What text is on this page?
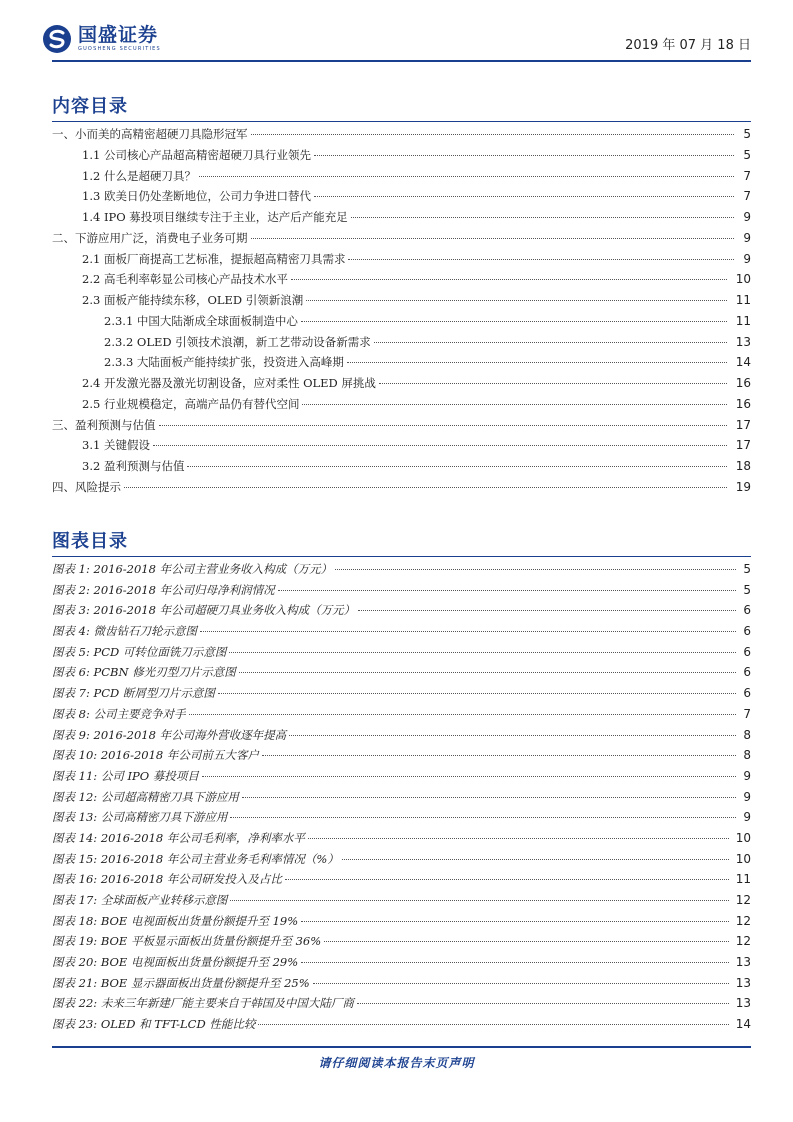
国盛证券
GUOSHENG SECURITIES	2019 年 07 月 18 日
内容目录
一、小而美的高精密超硬刀具隐形冠军	5
1.1 公司核心产品超高精密超硬刀具行业领先	5
1.2 什么是超硬刀具？	7
1.3 欧美日仍处垄断地位，公司力争进口替代	7
1.4 IPO 募投项目继续专注于主业，达产后产能充足	9
二、下游应用广泛，消费电子业务可期	9
2.1 面板厂商提高工艺标准，提振超高精密刀具需求	9
2.2 高毛利率彰显公司核心产品技术水平	10
2.3 面板产能持续东移，OLED 引领新浪潮	11
2.3.1 中国大陆渐成全球面板制造中心	11
2.3.2 OLED 引领技术浪潮，新工艺带动设备新需求	13
2.3.3 大陆面板产能持续扩张，投资进入高峰期	14
2.4 开发激光器及激光切割设备，应对柔性 OLED 屏挑战	16
2.5 行业规模稳定，高端产品仍有替代空间	16
三、盈利预测与估值	17
3.1 关键假设	17
3.2 盈利预测与估值	18
四、风险提示	19
图表目录
图表 1: 2016-2018 年公司主营业务收入构成（万元）	5
图表 2: 2016-2018 年公司归母净利润情况	5
图表 3: 2016-2018 年公司超硬刀具业务收入构成（万元）	6
图表 4: 微齿钻石刀轮示意图	6
图表 5: PCD 可转位面铣刀示意图	6
图表 6: PCBN 修光刃型刀片示意图	6
图表 7: PCD 断屑型刀片示意图	6
图表 8: 公司主要竞争对手	7
图表 9: 2016-2018 年公司海外营收逐年提高	8
图表 10: 2016-2018 年公司前五大客户	8
图表 11: 公司 IPO 募投项目	9
图表 12: 公司超高精密刀具下游应用	9
图表 13: 公司高精密刀具下游应用	9
图表 14: 2016-2018 年公司毛利率，净利率水平	10
图表 15: 2016-2018 年公司主营业务毛利率情况（%）	10
图表 16: 2016-2018 年公司研发投入及占比	11
图表 17: 全球面板产业转移示意图	12
图表 18: BOE 电视面板出货量份额提升至 19%	12
图表 19: BOE 平板显示面板出货量份额提升至 36%	12
图表 20: BOE 电视面板出货量份额提升至 29%	13
图表 21: BOE 显示器面板出货量份额提升至 25%	13
图表 22: 未来三年新建厂能主要来自于韩国及中国大陆厂商	13
图表 23: OLED 和 TFT-LCD 性能比较	14
请仔细阅读本报告末页声明
